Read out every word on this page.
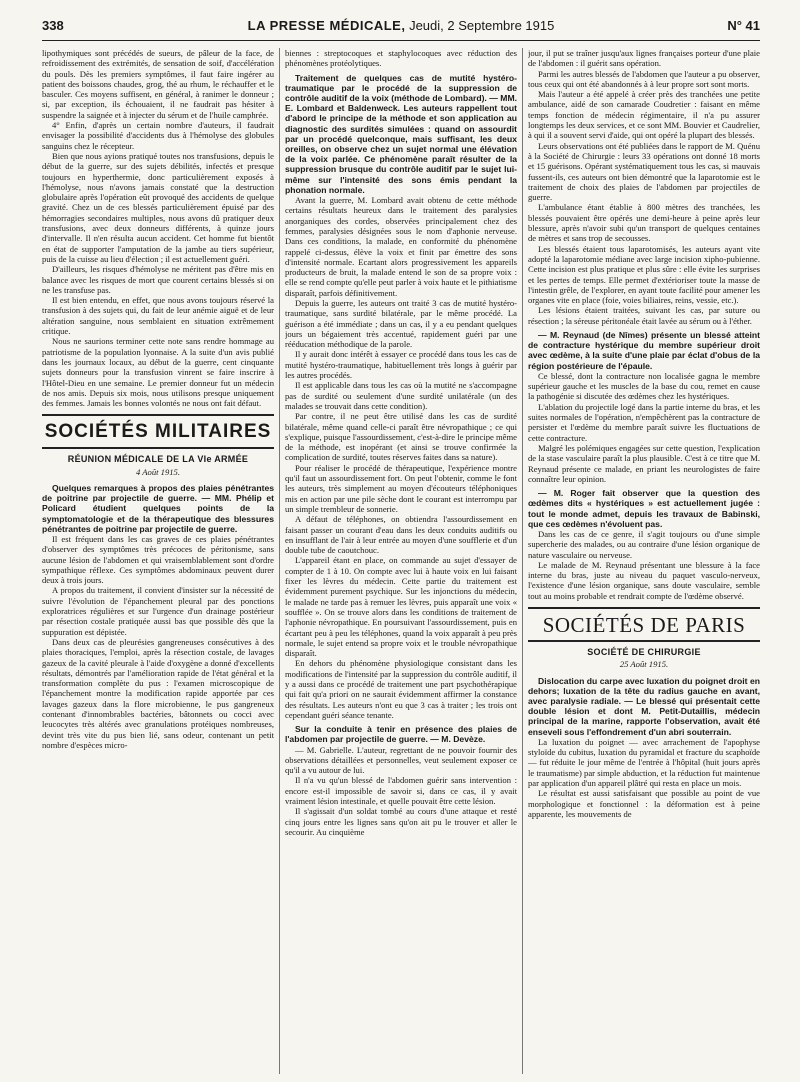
338	LA PRESSE MÉDICALE, Jeudi, 2 Septembre 1915	N° 41

lipothymiques sont précédés de sueurs, de pâleur de la face, de refroidissement des extrémités, de sensation de soif, d'accélération du pouls. Dès les premiers symptômes, il faut faire ingérer au patient des boissons chaudes, grog, thé au rhum, le réchauffer et le basculer. Ces moyens suffisent, en général, à ranimer le donneur ; si, par exception, ils échouaient, il ne faudrait pas hésiter à suspendre la saignée et à injecter du sérum et de l'huile camphrée.

4° Enfin, d'après un certain nombre d'auteurs, il faudrait envisager la possibilité d'accidents dus à l'hémolyse des globules sanguins chez le récepteur.

Bien que nous ayions pratiqué toutes nos transfusions, depuis le début de la guerre, sur des sujets débilités, infectés et presque toujours en hyperthermie, donc particulièrement exposés à l'hémolyse, nous n'avons jamais constaté que la destruction globulaire après l'opération eût provoqué des accidents de quelque gravité. Chez un de ces blessés particulièrement épuisé par des hémorragies secondaires multiples, nous avons dû pratiquer deux transfusions, avec deux donneurs différents, à quinze jours d'intervalle. Il n'en résulta aucun accident. Cet homme fut bientôt en état de supporter l'amputation de la jambe au tiers supérieur, puis de la cuisse au lieu d'élection ; il est actuellement guéri.

D'ailleurs, les risques d'hémolyse ne méritent pas d'être mis en balance avec les risques de mort que courent certains blessés si on ne les transfuse pas.

Il est bien entendu, en effet, que nous avons toujours réservé la transfusion à des sujets qui, du fait de leur anémie aiguë et de leur altération sanguine, nous semblaient en situation extrêmement critique.

Nous ne saurions terminer cette note sans rendre hommage au patriotisme de la population lyonnaise. A la suite d'un avis publié dans les journaux locaux, au début de la guerre, cent cinquante sujets donneurs pour la transfusion vinrent se faire inscrire à l'Hôtel-Dieu en une semaine. Le premier donneur fut un médecin de nos amis. Depuis six mois, nous utilisons presque uniquement des femmes. Jamais les bonnes volontés ne nous ont fait défaut.

SOCIÉTÉS MILITAIRES
RÉUNION MÉDICALE DE LA VIe ARMÉE
4 Août 1915.

Quelques remarques à propos des plaies pénétrantes de poitrine par projectile de guerre. — MM. Phélip et Policard étudient quelques points de la symptomatologie et de la thérapeutique des blessures pénétrantes de poitrine par projectile de guerre.

Il est fréquent dans les cas graves de ces plaies pénétrantes d'observer des symptômes très précoces de péritonisme, sans aucune lésion de l'abdomen et qui vraisemblablement sont d'ordre sympathique réflexe. Ces symptômes abdominaux peuvent durer deux à trois jours.

A propos du traitement, il convient d'insister sur la nécessité de suivre l'évolution de l'épanchement pleural par des ponctions exploratrices régulières et sur l'urgence d'un drainage postérieur par résection costale pratiquée aussi bas que possible dès que la suppuration est dépistée.

Dans deux cas de pleurésies gangreneuses consécutives à des plaies thoraciques, l'emploi, après la résection costale, de lavages gazeux de la cavité pleurale à l'aide d'oxygène a donné d'excellents résultats, démontrés par l'amélioration rapide de l'état général et la transformation complète du pus : l'examen microscopique de l'épanchement montre la modification rapide apportée par ces lavages gazeux dans la flore microbienne, le pus gangreneux contenant d'innombrables bactéries, bâtonnets ou cocci avec leucocytes très altérés avec granulations protéiques nombreuses, devint très vite du pus bien lié, sans odeur, contenant un petit nombre d'espèces micro-

biennes : streptocoques et staphylocoques avec réduction des phénomènes protéolytiques.

Traitement de quelques cas de mutité hystéro-traumatique par le procédé de la suppression de contrôle auditif de la voix (méthode de Lombard). — MM. E. Lombard et Baldenweck. Les auteurs rappellent tout d'abord le principe de la méthode et son application au diagnostic des surdités simulées : quand on assourdit par un procédé quelconque, mais suffisant, les deux oreilles, on observe chez un sujet normal une élévation de la voix parlée. Ce phénomène paraît résulter de la suppression brusque du contrôle auditif par le sujet lui-même sur l'intensité des sons émis pendant la phonation normale.

Avant la guerre, M. Lombard avait obtenu de cette méthode certains résultats heureux dans le traitement des paralysies anorganiques des cordes, observées principalement chez des femmes, paralysies désignées sous le nom d'aphonie nerveuse. Dans ces conditions, la malade, en conformité du phénomène rappelé ci-dessus, élève la voix et finit par émettre des sons d'intensité normale. Ecartant alors progressivement les appareils producteurs de bruit, la malade entend le son de sa propre voix : elle se rend compte qu'elle peut parler à voix haute et le pithiatisme disparaît, parfois définitivement.

Depuis la guerre, les auteurs ont traité 3 cas de mutité hystéro-traumatique, sans surdité bilatérale, par le même procédé. La guérison a été immédiate ; dans un cas, il y a eu pendant quelques jours un bégaiement très accentué, rapidement guéri par une rééducation méthodique de la parole.

Il y aurait donc intérêt à essayer ce procédé dans tous les cas de mutité hystéro-traumatique, habituellement très longs à guérir par les autres procédés.

Il est applicable dans tous les cas où la mutité ne s'accompagne pas de surdité ou seulement d'une surdité unilatérale (un des malades se trouvait dans cette condition).

Par contre, il ne peut être utilisé dans les cas de surdité bilatérale, même quand celle-ci paraît être névropathique ; ce qui s'explique, puisque l'assourdissement, c'est-à-dire le principe même de la méthode, est inopérant (et ainsi se trouve confirmée la complication de surdité, toutes réserves faites dans sa nature).

Pour réaliser le procédé de thérapeutique, l'expérience montre qu'il faut un assourdissement fort. On peut l'obtenir, comme le font les auteurs, très simplement au moyen d'écouteurs téléphoniques mis en action par une pile sèche dont le courant est interrompu par un simple trembleur de sonnerie.

A défaut de téléphones, on obtiendra l'assourdissement en faisant passer un courant d'eau dans les deux conduits auditifs ou en insufflant de l'air à leur entrée au moyen d'une soufflerie et d'un double tube de caoutchouc.

L'appareil étant en place, on commande au sujet d'essayer de compter de 1 à 10. On compte avec lui à haute voix en lui faisant fixer les lèvres du médecin. Cette partie du traitement est évidemment purement psychique. Sur les injonctions du médecin, le malade ne tarde pas à remuer les lèvres, puis apparaît une voix « soufflée ». On se trouve alors dans les conditions de traitement de l'aphonie névropathique. En poursuivant l'assourdissement, puis en écartant peu à peu les téléphones, quand la voix apparaît à peu près normale, le sujet entend sa propre voix et le trouble névropathique disparaît.

En dehors du phénomène physiologique consistant dans les modifications de l'intensité par la suppression du contrôle auditif, il y a aussi dans ce procédé de traitement une part psychothérapique qui fait qu'a priori on ne saurait évidemment affirmer la constance des résultats. Les auteurs n'ont eu que 3 cas à traiter ; les trois ont cependant guéri séance tenante.

Sur la conduite à tenir en présence des plaies de l'abdomen par projectile de guerre. — M. Devèze.

— M. Gabrielle. L'auteur, regrettant de ne pouvoir fournir des observations détaillées et personnelles, veut seulement exposer ce qu'il a vu autour de lui.

Il n'a vu qu'un blessé de l'abdomen guérir sans intervention : encore est-il impossible de savoir si, dans ce cas, il y avait vraiment lésion intestinale, et quelle pouvait être cette lésion.

Il s'agissait d'un soldat tombé au cours d'une attaque et resté cinq jours entre les lignes sans qu'on ait pu le trouver et aller le secourir. Au cinquième

jour, il put se traîner jusqu'aux lignes françaises porteur d'une plaie de l'abdomen : il guérit sans opération.

Parmi les autres blessés de l'abdomen que l'auteur a pu observer, tous ceux qui ont été abandonnés à à leur propre sort sont morts.

Mais l'auteur a été appelé à créer près des tranchées une petite ambulance, aidé de son camarade Coudretier : faisant en même temps fonction de médecin régimentaire, il n'a pu assurer longtemps les deux services, et ce sont MM. Bouvier et Caudrelier, à qui il a souvent servi d'aide, qui ont opéré la plupart des blessés.

Leurs observations ont été publiées dans le rapport de M. Quénu à la Société de Chirurgie : leurs 33 opérations ont donné 18 morts et 15 guérisons. Opérant systématiquement tous les cas, si mauvais fussent-ils, ces auteurs ont bien démontré que la laparotomie est le traitement de choix des plaies de l'abdomen par projectiles de guerre.

L'ambulance étant établie à 800 mètres des tranchées, les blessés pouvaient être opérés une demi-heure à peine après leur blessure, après n'avoir subi qu'un transport de quelques centaines de mètres et sans trop de secousses.

Les blessés étaient tous laparotomisés, les auteurs ayant vite adopté la laparotomie médiane avec large incision xipho-pubienne. Cette incision est plus pratique et plus sûre : elle évite les surprises et les pertes de temps. Elle permet d'extérioriser toute la masse de l'intestin grêle, de l'explorer, en ayant toute facilité pour amener les organes vite en place (foie, voies biliaires, reins, vessie, etc.).

Les lésions étaient traitées, suivant les cas, par suture ou résection ; la séreuse péritonéale était lavée au sérum ou à l'éther.

— M. Reynaud (de Nîmes) présente un blessé atteint de contracture hystérique du membre supérieur droit avec œdème, à la suite d'une plaie par éclat d'obus de la région postérieure de l'épaule.

Ce blessé, dont la contracture non localisée gagna le membre supérieur gauche et les muscles de la base du cou, remet en cause la pathogénie si discutée des œdèmes chez les hystériques.

L'ablation du projectile logé dans la partie interne du bras, et les suites normales de l'opération, n'empêchèrent pas la contracture de persister et l'œdème du membre paraît suivre les fluctuations de cette contracture.

Malgré les polémiques engagées sur cette question, l'explication de la stase vasculaire paraît la plus plausible. C'est à ce titre que M. Reynaud présente ce malade, en priant les neurologistes de faire connaître leur opinion.

— M. Roger fait observer que la question des œdèmes dits « hystériques » est actuellement jugée : tout le monde admet, depuis les travaux de Babinski, que ces œdèmes n'évoluent pas.

Dans les cas de ce genre, il s'agit toujours ou d'une simple supercherie des malades, ou au contraire d'une lésion organique de nature vasculaire ou nerveuse.

Le malade de M. Reynaud présentant une blessure à la face interne du bras, juste au niveau du paquet vasculo-nerveux, l'existence d'une lésion organique, sans doute vasculaire, semble tout au moins probable et rendrait compte de l'œdème observé.

SOCIÉTÉS DE PARIS
SOCIÉTÉ DE CHIRURGIE
25 Août 1915.

Dislocation du carpe avec luxation du poignet droit en dehors; luxation de la tête du radius gauche en avant, avec paralysie radiale. — Le blessé qui présentait cette double lésion et dont M. Petit-Dutaillis, médecin principal de la marine, rapporte l'observation, avait été enseveli sous l'effondrement d'un abri souterrain.

La luxation du poignet — avec arrachement de l'apophyse styloïde du cubitus, luxation du pyramidal et fracture du scaphoïde — fut réduite le jour même de l'entrée à l'hôpital (huit jours après le traumatisme) par simple abduction, et la réduction fut maintenue par application d'un appareil plâtré qui resta en place un mois.

Le résultat est aussi satisfaisant que possible au point de vue morphologique et fonctionnel : la déformation est à peine apparente, les mouvements de
